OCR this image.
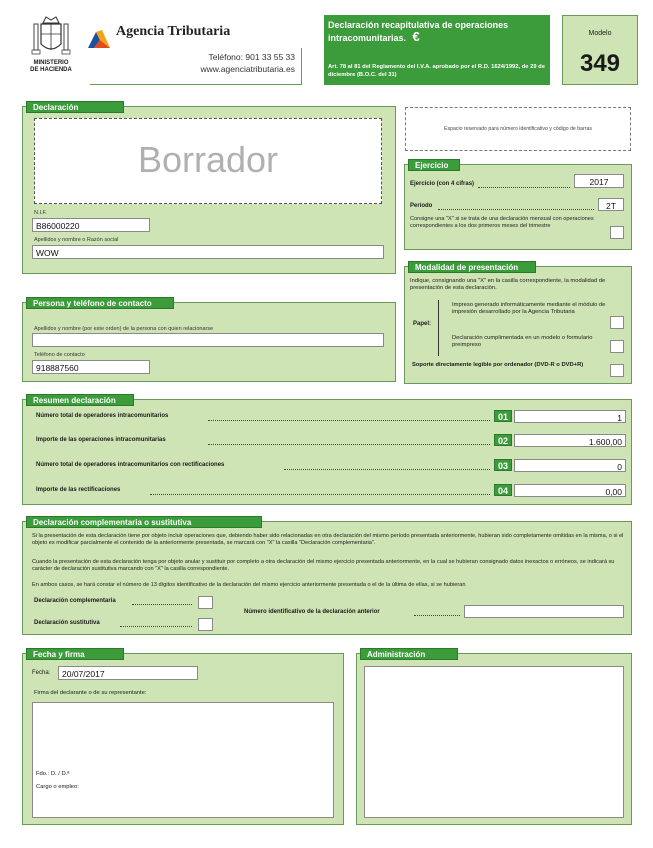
MINISTERIO
DE HACIENDA
Agencia Tributaria
Teléfono: 901 33 55 33
www.agenciatributaria.es
Declaración recapitulativa de operaciones intracomunitarias. €
Art. 78 al 81 del Reglamento del I.V.A. aprobado por el R.D. 1624/1992, de 29 de diciembre (B.O.C. del 31)
Modelo
349
Declaración
Borrador
N.I.F.
B86000220
Apellidos y nombre o Razón social
WOW
Espacio reservado para número identificativo y código de barras
Ejercicio
Ejercicio (con 4 cifras)	2017
Período	2T
Consigne una "X" si se trata de una declaración mensual con operaciones correspondientes a los dos primeros meses del trimestre
Modalidad de presentación
Indique, consignando una "X" en la casilla correspondiente, la modalidad de presentación de esta declaración.
Papel:
Impreso generado informáticamente mediante el módulo de impresión desarrollado por la Agencia Tributaria
Declaración cumplimentada en un modelo o formulario preimpreso
Soporte directamente legible por ordenador (DVD-R o DVD+R)
Persona y teléfono de contacto
Apellidos y nombre (por este orden) de la persona con quien relacionarse
Teléfono de contacto
918887560
Resumen declaración
Número total de operadores intracomunitarios	01	1
Importe de las operaciones intracomunitarias	02	1.600,00
Número total de operadores intracomunitarios con rectificaciones	03	0
Importe de las rectificaciones	04	0,00
Declaración complementaria o sustitutiva
Si la presentación de esta declaración tiene por objeto incluir operaciones que, debiendo haber sido relacionadas en otra declaración del mismo período presentada anteriormente, hubieran sido completamente omitidas en la misma, o si el objeto es modificar parcialmente el contenido de la anteriormente presentada, se marcará con "X" la casilla "Declaración complementaria".
Cuando la presentación de esta declaración tenga por objeto anular y sustituir por completo a otra declaración del mismo ejercicio presentada anteriormente, en la cual se hubieran consignado datos inexactos o erróneos, se indicará su carácter de declaración sustitutiva marcando con "X" la casilla correspondiente.
En ambos casos, se hará constar el número de 13 dígitos identificativo de la declaración del mismo ejercicio anteriormente presentada o el de la última de ellas, si se hubieran
Declaración complementaria
Declaración sustitutiva
Número identificativo de la declaración anterior
Fecha y firma
Fecha:	20/07/2017
Firma del declarante o de su representante:
Fdo.: D. / D.ª
Cargo o empleo:
Administración
